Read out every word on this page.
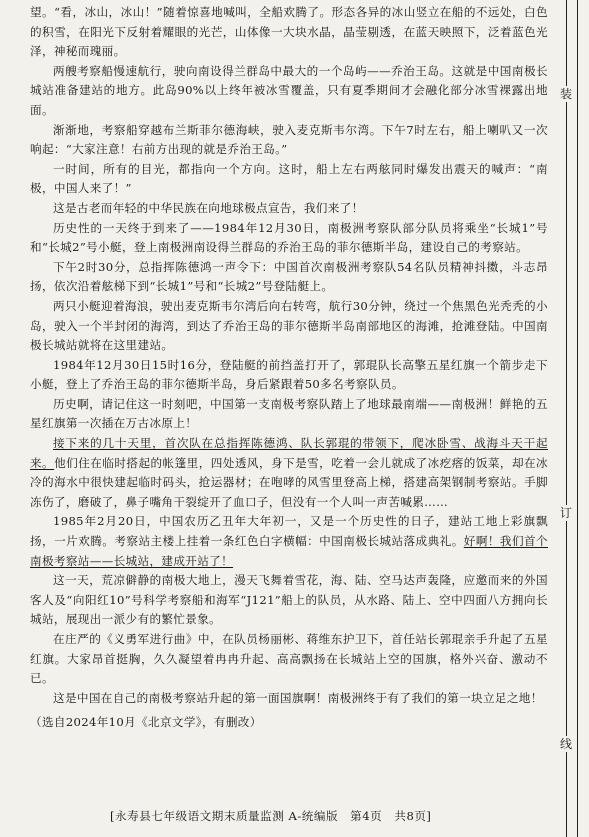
望。“看，冰山，冰山！”随着惊喜地喊叫，全船欢腾了。形态各异的冰山竖立在船的不远处，白色的积雪，在阳光下反射着耀眼的光芒，山体像一大块水晶，晶莹剔透，在蓝天映照下，泛着蓝色光泽，神秘而瑰丽。

两艘考察船慢速航行，驶向南设得兰群岛中最大的一个岛屿——乔治王岛。这就是中国南极长城站准备建站的地方。此岛90%以上终年被冰雪覆盖，只有夏季期间才会融化部分冰雪裸露出地面。

渐渐地，考察船穿越布兰斯菲尔德海峡，驶入麦克斯韦尔湾。下午7时左右，船上喇叭又一次响起：“大家注意！右前方出现的就是乔治王岛。”

一时间，所有的目光，都指向一个方向。这时，船上左右两舷同时爆发出震天的喊声：“南极，中国人来了！”

这是古老而年轻的中华民族在向地球极点宣告，我们来了！

历史性的一天终于到来了——1984年12月30日，南极洲考察队部分队员将乘坐“长城1”号和“长城2”号小艇，登上南极洲南设得兰群岛的乔治王岛的菲尔德斯半岛，建设自己的考察站。

下午2时30分，总指挥陈德鸿一声令下：中国首次南极洲考察队54名队员精神抖擞，斗志昂扬，依次沿着舷梯下到“长城1”号和“长城2”号登陆艇上。

两只小艇迎着海浪，驶出麦克斯韦尔湾后向右转弯，航行30分钟，绕过一个焦黑色光秃秃的小岛，驶入一个半封闭的海湾，到达了乔治王岛的菲尔德斯半岛南部地区的海滩，抢滩登陆。中国南极长城站就将在这里建站。

1984年12月30日15时16分，登陆艇的前挡盖打开了，郭琨队长高擎五星红旗一个箭步走下小艇，登上了乔治王岛的菲尔德斯半岛，身后紧跟着50多名考察队员。

历史啊，请记住这一时刻吧，中国第一支南极考察队踏上了地球最南端——南极洲！鲜艳的五星红旗第一次插在万古冰原上！

接下来的几十天里，首次队在总指挥陈德鸿、队长郭琨的带领下，爬冰卧雪、战海斗天干起来。他们住在临时搭起的帐篷里，四处透风，身下是雪，吃着一会儿就成了冰疙瘩的饭菜，却在冰冷的海水中很快建起临时码头，抢运器材；在咆哮的风雪里登高上梯，搭建高架钢制考察站。手脚冻伤了，磨破了，鼻子嘴角干裂绽开了血口子，但没有一个人叫一声苦喊累……

1985年2月20日，中国农历乙丑年大年初一，又是一个历史性的日子，建站工地上彩旗飘扬，一片欢腾。考察站主楼上挂着一条红色白字横幅：中国南极长城站落成典礼。好啊！我们首个南极考察站——长城站，建成开站了！

这一天，荒凉僻静的南极大地上，漫天飞舞着雪花，海、陆、空马达声轰隆，应邀而来的外国客人及“向阳红10”号科学考察船和海军“J121”船上的队员，从水路、陆上、空中四面八方拥向长城站，展现出一派少有的繁忙景象。

在庄严的《义勇军进行曲》中，在队员杨丽彬、蒋维东护卫下，首任站长郭琨亲手升起了五星红旗。大家昂首挺胸，久久凝望着冉冉升起、高高飘扬在长城站上空的国旗，格外兴奋、激动不已。

这是中国在自己的南极考察站升起的第一面国旗啊！南极洲终于有了我们的第一块立足之地！

（选自2024年10月《北京文学》，有删改）

[永寿县七年级语文期末质量监测 A-统编版　第4页　共8页]
装
订
线
